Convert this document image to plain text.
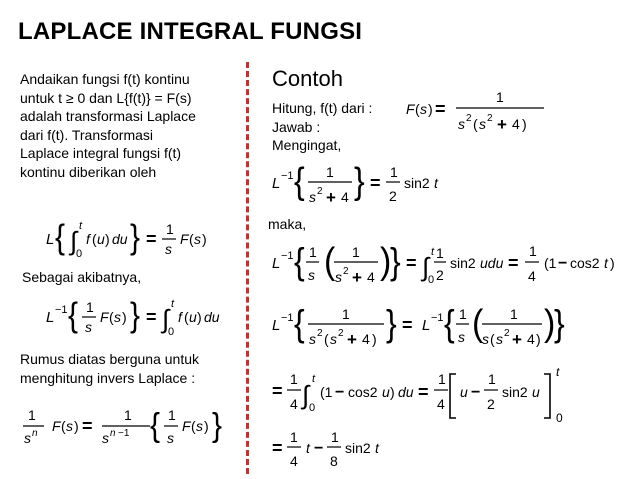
LAPLACE INTEGRAL FUNGSI
Andaikan fungsi f(t) kontinu
untuk t ≥ 0 dan L{f(t)} = F(s)
adalah transformasi Laplace
dari f(t). Transformasi
Laplace integral fungsi f(t)
kontinu diberikan oleh
L { ∫ t
0
f ( u ) du } = 1
s
F ( s )
Sebagai akibatnya,
L −1 { 1
s
F ( s ) } = ∫ t
0
f ( u ) du
Rumus diatas berguna untuk
menghitung invers Laplace :
1
s n F ( s ) =
1
s n −1 { 1
s
F ( s ) }
Contoh
Hitung, f(t) dari :
Jawab :
Mengingat,
F ( s ) =
1
s 2 ( s 2 + 4 )
L −1 { 1
s 2 + 4 } =
1
2
sin2 t
maka,
L −1 { 1
s ( 1
s 2 + 4 )
} = ∫ t
0
1
2
sin2 udu =
1
4
(1 − cos2 t )
L −1 {	1
s 2 ( s 2 + 4 ) } = L −1 { 1
s ( 1
s ( s 2 + 4 ) )
}
=
1
4 ∫
t
0
(1 − cos2 u ) du =
1
4
u −
1
2
sin2 u
t
0
=
1
4
t −
1
8
sin2 t
